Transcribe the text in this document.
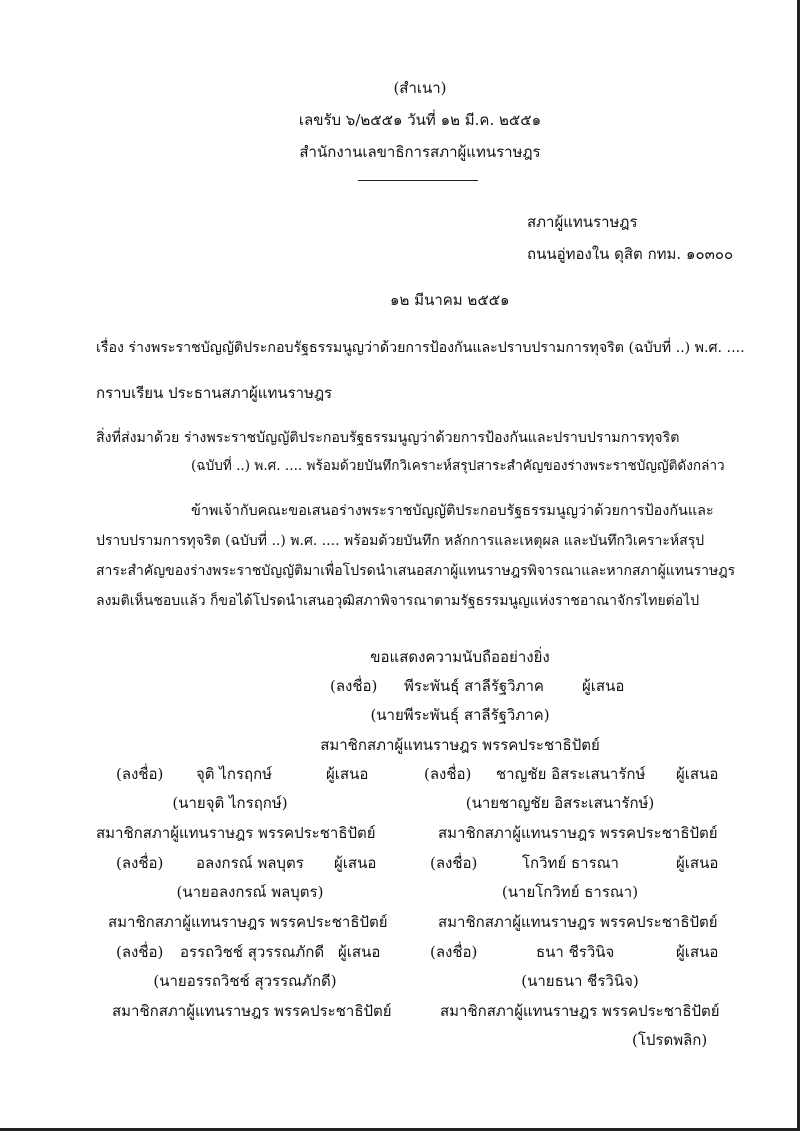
(สำเนา)
เลขรับ ๖/๒๕๕๑ วันที่ ๑๒ มี.ค. ๒๕๕๑
สำนักงานเลขาธิการสภาผู้แทนราษฎร
สภาผู้แทนราษฎร
ถนนอู่ทองใน ดุสิต กทม. ๑๐๓๐๐
๑๒ มีนาคม ๒๕๕๑
เรื่อง ร่างพระราชบัญญัติประกอบรัฐธรรมนูญว่าด้วยการป้องกันและปราบปรามการทุจริต (ฉบับที่ ..) พ.ศ. ....
กราบเรียน ประธานสภาผู้แทนราษฎร
สิ่งที่ส่งมาด้วย ร่างพระราชบัญญัติประกอบรัฐธรรมนูญว่าด้วยการป้องกันและปราบปรามการทุจริต
(ฉบับที่ ..) พ.ศ. .... พร้อมด้วยบันทึกวิเคราะห์สรุปสาระสำคัญของร่างพระราชบัญญัติดังกล่าว
ข้าพเจ้ากับคณะขอเสนอร่างพระราชบัญญัติประกอบรัฐธรรมนูญว่าด้วยการป้องกันและ
ปราบปรามการทุจริต (ฉบับที่ ..) พ.ศ. .... พร้อมด้วยบันทึก หลักการและเหตุผล และบันทึกวิเคราะห์สรุป
สาระสำคัญของร่างพระราชบัญญัติมาเพื่อโปรดนำเสนอสภาผู้แทนราษฎรพิจารณาและหากสภาผู้แทนราษฎร
ลงมติเห็นชอบแล้ว ก็ขอได้โปรดนำเสนอวุฒิสภาพิจารณาตามรัฐธรรมนูญแห่งราชอาณาจักรไทยต่อไป
ขอแสดงความนับถืออย่างยิ่ง
(ลงชื่อ) พีระพันธุ์ สาลีรัฐวิภาค	ผู้เสนอ
(นายพีระพันธุ์ สาลีรัฐวิภาค)
สมาชิกสภาผู้แทนราษฎร พรรคประชาธิปัตย์
(ลงชื่อ) จุติ ไกรฤกษ์	ผู้เสนอ	(ลงชื่อ) ชาญชัย อิสระเสนารักษ์ ผู้เสนอ
(นายจุติ ไกรฤกษ์)	(นายชาญชัย อิสระเสนารักษ์)
สมาชิกสภาผู้แทนราษฎร พรรคประชาธิปัตย์	สมาชิกสภาผู้แทนราษฎร พรรคประชาธิปัตย์
(ลงชื่อ) อลงกรณ์ พลบุตร ผู้เสนอ	(ลงชื่อ)	โกวิทย์ ธารณา	ผู้เสนอ
(นายอลงกรณ์ พลบุตร)	(นายโกวิทย์ ธารณา)
สมาชิกสภาผู้แทนราษฎร พรรคประชาธิปัตย์	สมาชิกสภาผู้แทนราษฎร พรรคประชาธิปัตย์
(ลงชื่อ) อรรถวิชช์ สุวรรณภักดี ผู้เสนอ	(ลงชื่อ)	ธนา ชีรวินิจ	ผู้เสนอ
(นายอรรถวิชช์ สุวรรณภักดี)	(นายธนา ชีรวินิจ)
สมาชิกสภาผู้แทนราษฎร พรรคประชาธิปัตย์	สมาชิกสภาผู้แทนราษฎร พรรคประชาธิปัตย์
(โปรดพลิก)
